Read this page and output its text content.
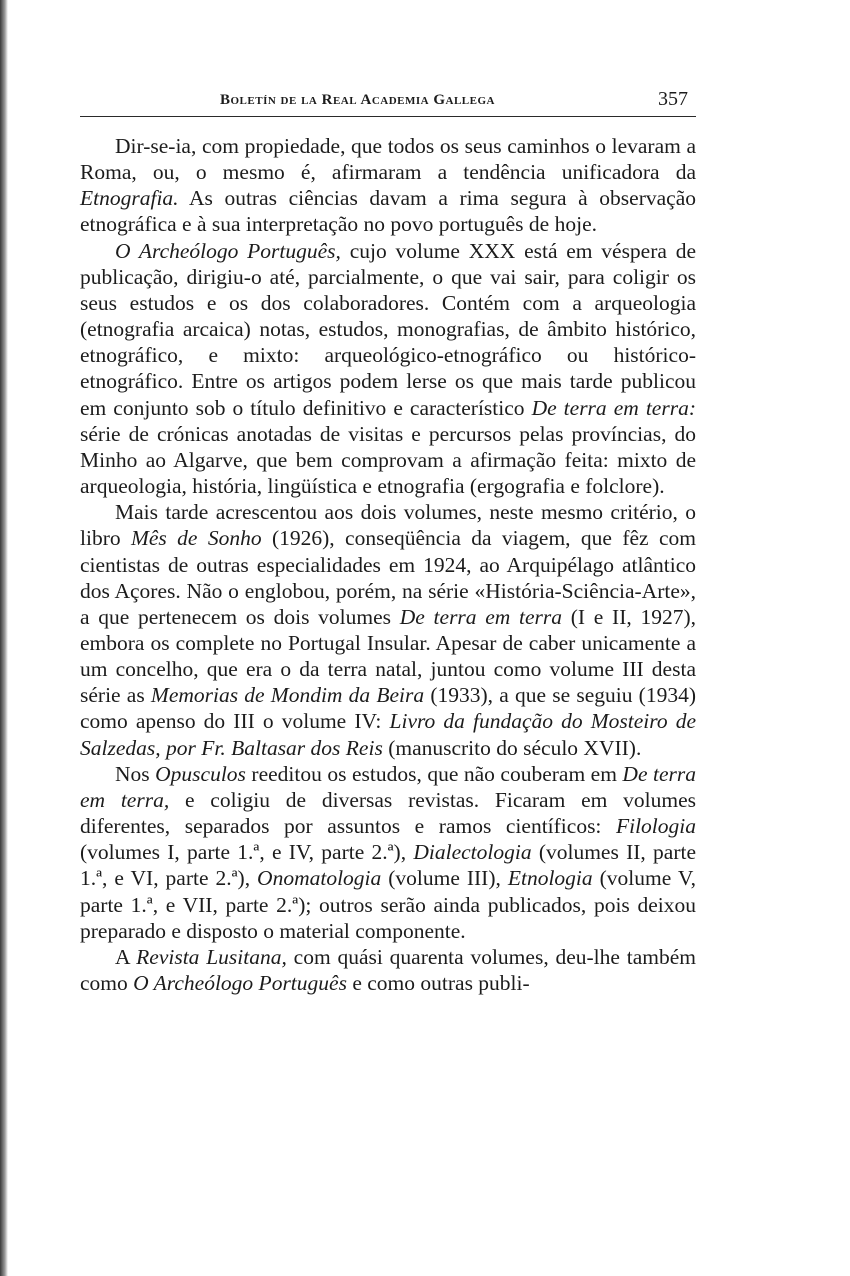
Boletín de la Real Academia Gallega	357

Dir-se-ia, com propiedade, que todos os seus caminhos o levaram a Roma, ou, o mesmo é, afirmaram a tendência unificadora da Etnografia. As outras ciências davam a rima segura à observação etnográfica e à sua interpretação no povo português de hoje.

O Archeólogo Português, cujo volume XXX está em véspera de publicação, dirigiu-o até, parcialmente, o que vai sair, para coligir os seus estudos e os dos colaboradores. Contém com a arqueologia (etnografia arcaica) notas, estudos, monografias, de âmbito histórico, etnográfico, e mixto: arqueológico-etnográfico ou histórico-etnográfico. Entre os artigos podem lerse os que mais tarde publicou em conjunto sob o título definitivo e característico De terra em terra: série de crónicas anotadas de visitas e percursos pelas províncias, do Minho ao Algarve, que bem comprovam a afirmação feita: mixto de arqueologia, história, lingüística e etnografia (ergografia e folclore).

Mais tarde acrescentou aos dois volumes, neste mesmo critério, o libro Mês de Sonho (1926), conseqüência da viagem, que fêz com cientistas de outras especialidades em 1924, ao Arquipélago atlântico dos Açores. Não o englobou, porém, na série «História-Sciência-Arte», a que pertenecem os dois volumes De terra em terra (I e II, 1927), embora os complete no Portugal Insular. Apesar de caber unicamente a um concelho, que era o da terra natal, juntou como volume III desta série as Memorias de Mondim da Beira (1933), a que se seguiu (1934) como apenso do III o volume IV: Livro da fundação do Mosteiro de Salzedas, por Fr. Baltasar dos Reis (manuscrito do século XVII).

Nos Opusculos reeditou os estudos, que não couberam em De terra em terra, e coligiu de diversas revistas. Ficaram em volumes diferentes, separados por assuntos e ramos científicos: Filologia (volumes I, parte 1.ª, e IV, parte 2.ª), Dialectologia (volumes II, parte 1.ª, e VI, parte 2.ª), Onomatologia (volume III), Etnologia (volume V, parte 1.ª, e VII, parte 2.ª); outros serão ainda publicados, pois deixou preparado e disposto o material componente.

A Revista Lusitana, com quási quarenta volumes, deu-lhe também como O Archeólogo Português e como outras publi-
